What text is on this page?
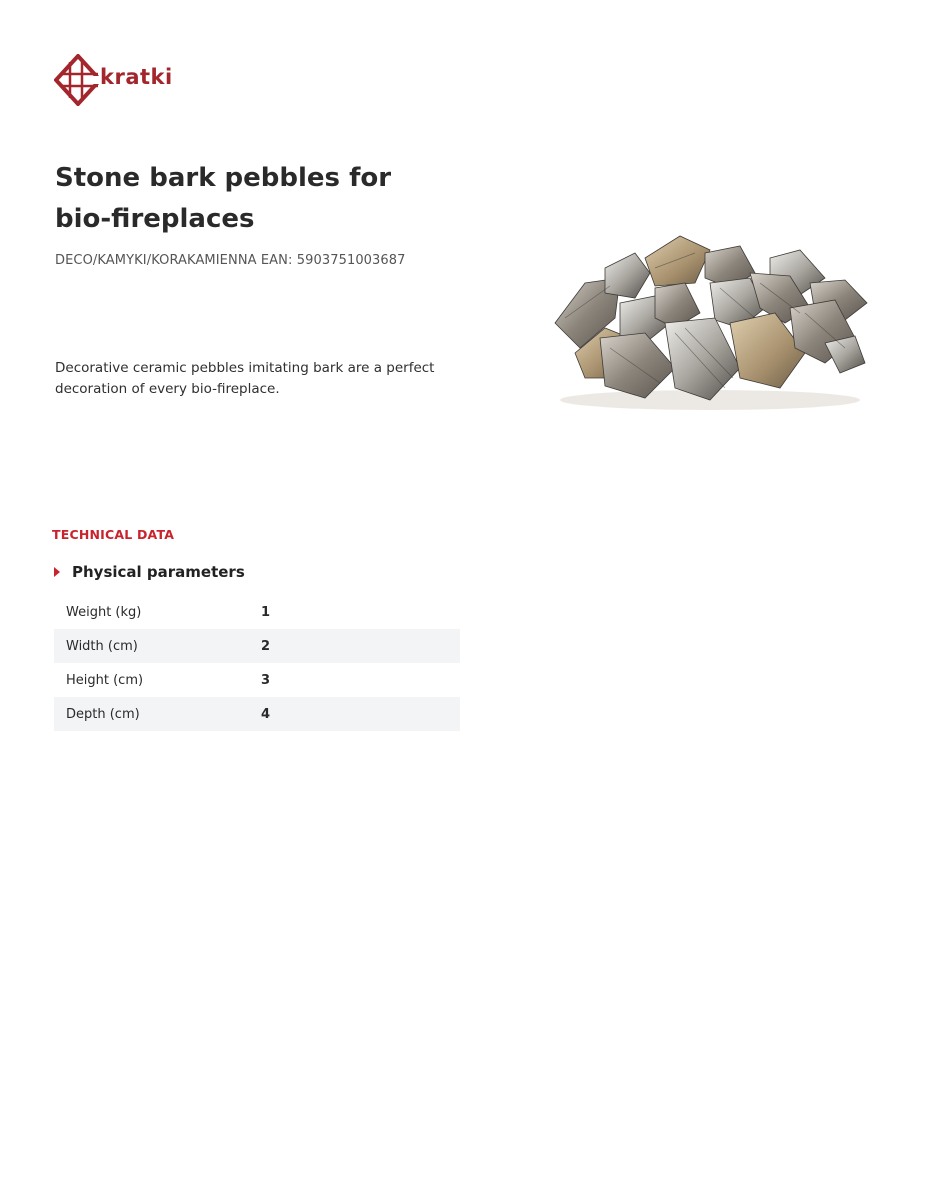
kratki
Stone bark pebbles for bio-fireplaces
DECO/KAMYKI/KORAKAMIENNA EAN: 5903751003687
Decorative ceramic pebbles imitating bark are a perfect decoration of every bio-fireplace.
TECHNICAL DATA
Physical parameters
Weight (kg)	1
Width (cm)	2
Height (cm)	3
Depth (cm)	4
